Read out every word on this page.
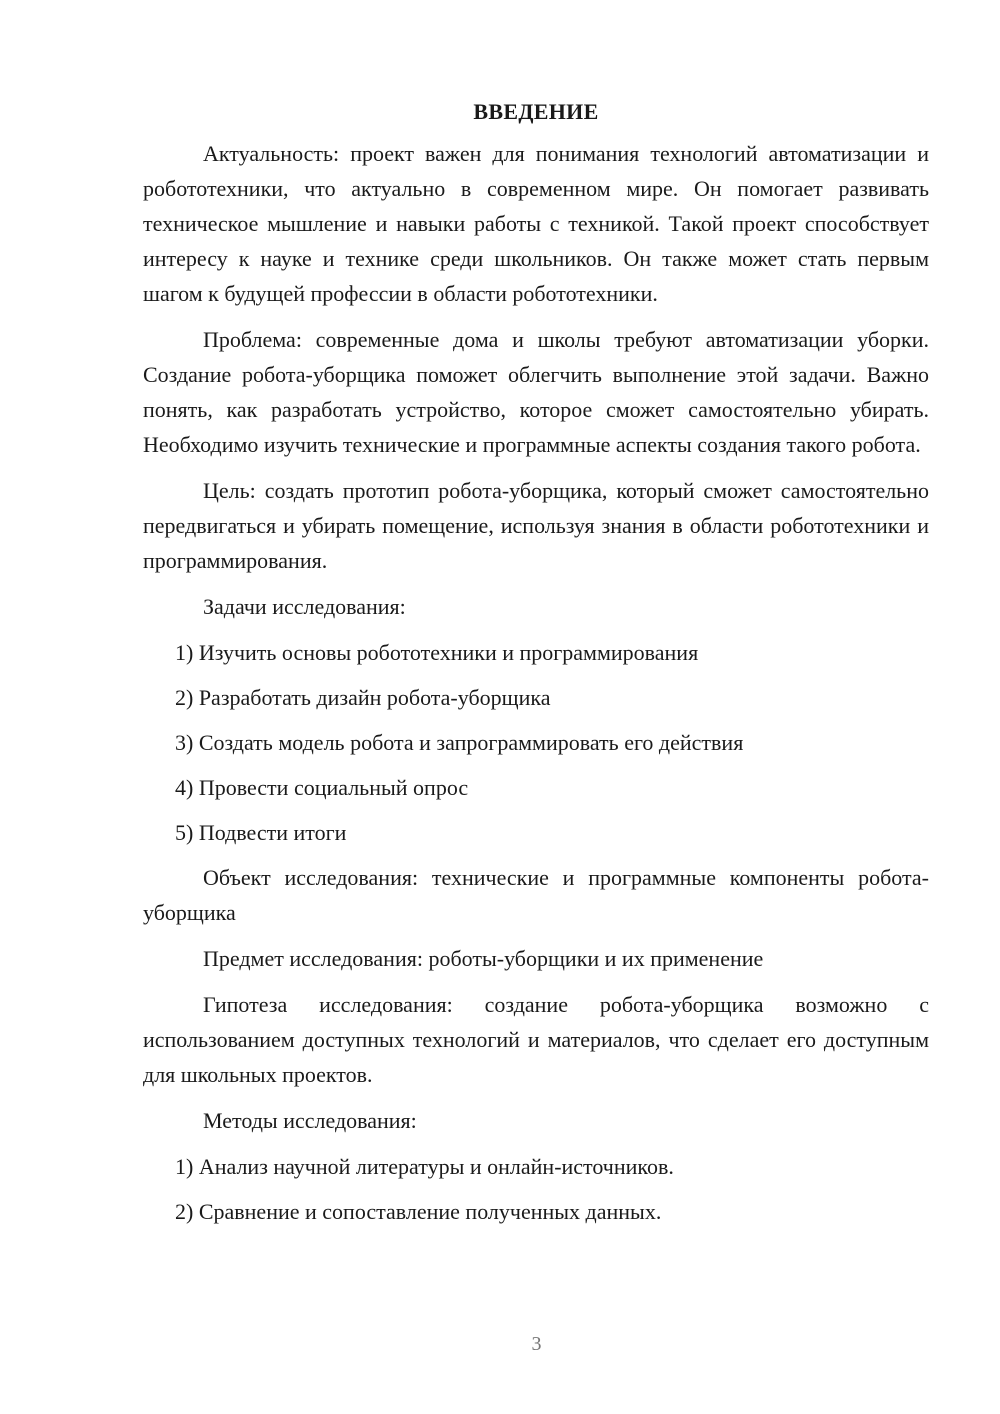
ВВЕДЕНИЕ

Актуальность: проект важен для понимания технологий автоматизации и робототехники, что актуально в современном мире. Он помогает развивать техническое мышление и навыки работы с техникой. Такой проект способствует интересу к науке и технике среди школьников. Он также может стать первым шагом к будущей профессии в области робототехники.

Проблема: современные дома и школы требуют автоматизации уборки. Создание робота-уборщика поможет облегчить выполнение этой задачи. Важно понять, как разработать устройство, которое сможет самостоятельно убирать. Необходимо изучить технические и программные аспекты создания такого робота.

Цель: создать прототип робота-уборщика, который сможет самостоятельно передвигаться и убирать помещение, используя знания в области робототехники и программирования.

Задачи исследования:

1) Изучить основы робототехники и программирования

2) Разработать дизайн робота-уборщика

3) Создать модель робота и запрограммировать его действия

4) Провести социальный опрос

5) Подвести итоги

Объект исследования: технические и программные компоненты робота-уборщика

Предмет исследования: роботы-уборщики и их применение

Гипотеза исследования: создание робота-уборщика возможно с использованием доступных технологий и материалов, что сделает его доступным для школьных проектов.

Методы исследования:

1) Анализ научной литературы и онлайн-источников.

2) Сравнение и сопоставление полученных данных.

3
